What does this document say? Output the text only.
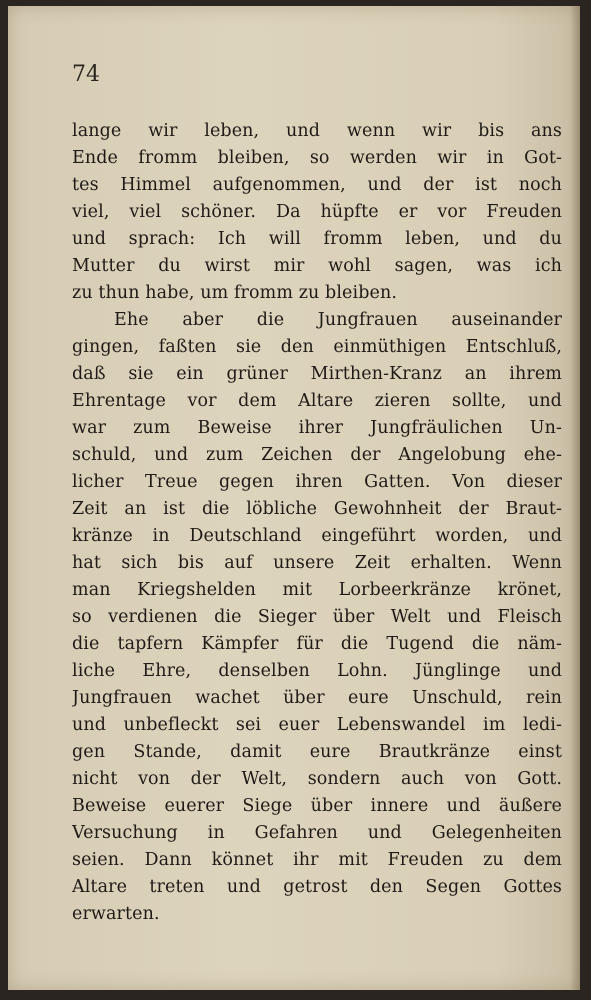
74
lange wir leben, und wenn wir bis ans
Ende fromm bleiben, so werden wir in Got-
tes Himmel aufgenommen, und der ist noch
viel, viel schöner. Da hüpfte er vor Freuden
und sprach: Ich will fromm leben, und du
Mutter du wirst mir wohl sagen, was ich
zu thun habe, um fromm zu bleiben.
Ehe aber die Jungfrauen auseinander
gingen, faßten sie den einmüthigen Entschluß,
daß sie ein grüner Mirthen-Kranz an ihrem
Ehrentage vor dem Altare zieren sollte, und
war zum Beweise ihrer Jungfräulichen Un-
schuld, und zum Zeichen der Angelobung ehe-
licher Treue gegen ihren Gatten. Von dieser
Zeit an ist die löbliche Gewohnheit der Braut-
kränze in Deutschland eingeführt worden, und
hat sich bis auf unsere Zeit erhalten. Wenn
man Kriegshelden mit Lorbeerkränze krönet,
so verdienen die Sieger über Welt und Fleisch
die tapfern Kämpfer für die Tugend die näm-
liche Ehre, denselben Lohn. Jünglinge und
Jungfrauen wachet über eure Unschuld, rein
und unbefleckt sei euer Lebenswandel im ledi-
gen Stande, damit eure Brautkränze einst
nicht von der Welt, sondern auch von Gott.
Beweise euerer Siege über innere und äußere
Versuchung in Gefahren und Gelegenheiten
seien. Dann könnet ihr mit Freuden zu dem
Altare treten und getrost den Segen Gottes
erwarten.
